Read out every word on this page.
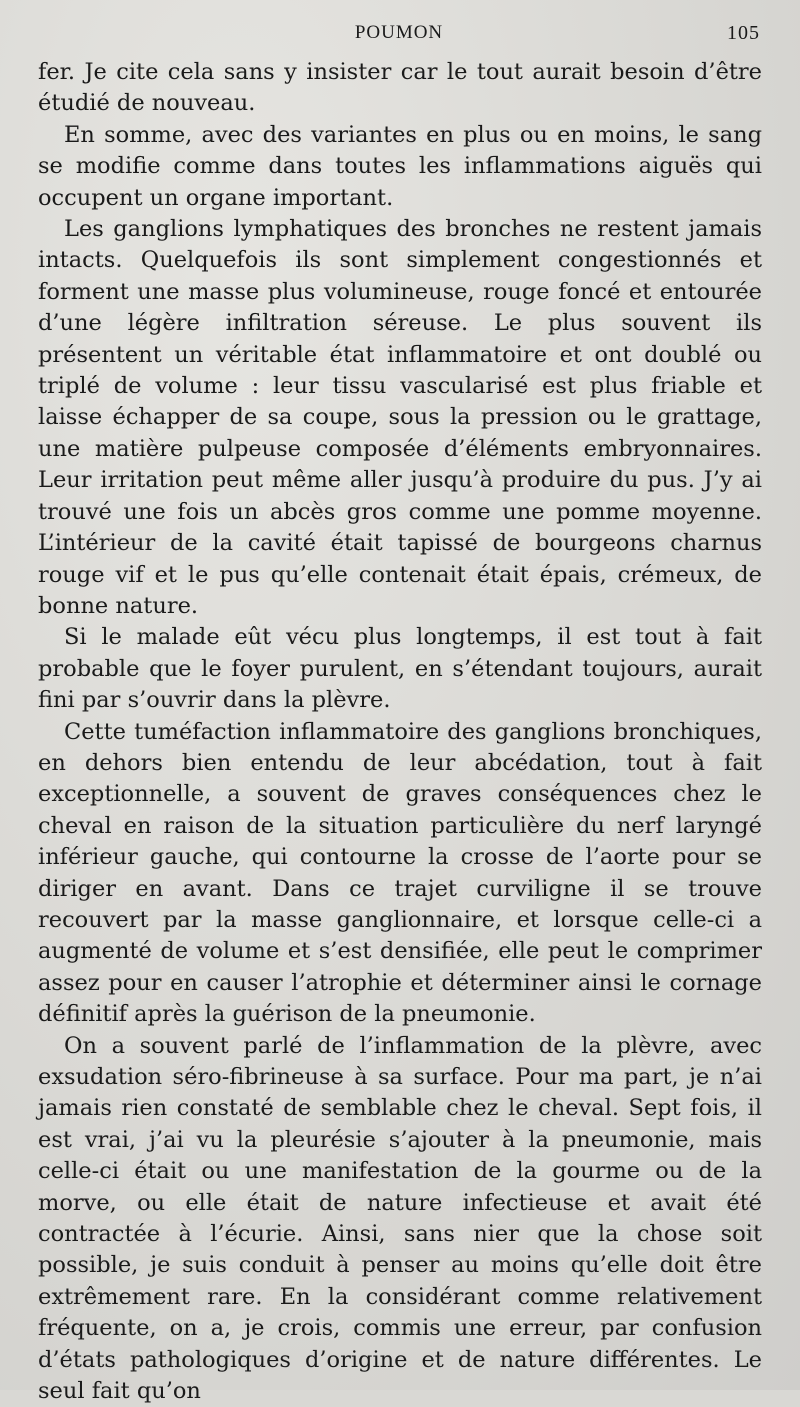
POUMON	105

fer. Je cite cela sans y insister car le tout aurait besoin d’être étudié de nouveau.

En somme, avec des variantes en plus ou en moins, le sang se modifie comme dans toutes les inflammations aiguës qui occupent un organe important.

Les ganglions lymphatiques des bronches ne restent jamais intacts. Quelquefois ils sont simplement congestionnés et forment une masse plus volumineuse, rouge foncé et entourée d’une légère infiltration séreuse. Le plus souvent ils présentent un véritable état inflammatoire et ont doublé ou triplé de volume : leur tissu vascularisé est plus friable et laisse échapper de sa coupe, sous la pression ou le grattage, une matière pulpeuse composée d’éléments embryonnaires. Leur irritation peut même aller jusqu’à produire du pus. J’y ai trouvé une fois un abcès gros comme une pomme moyenne. L’intérieur de la cavité était tapissé de bourgeons charnus rouge vif et le pus qu’elle contenait était épais, crémeux, de bonne nature.

Si le malade eût vécu plus longtemps, il est tout à fait probable que le foyer purulent, en s’étendant toujours, aurait fini par s’ouvrir dans la plèvre.

Cette tuméfaction inflammatoire des ganglions bronchiques, en dehors bien entendu de leur abcédation, tout à fait exceptionnelle, a souvent de graves conséquences chez le cheval en raison de la situation particulière du nerf laryngé inférieur gauche, qui contourne la crosse de l’aorte pour se diriger en avant. Dans ce trajet curviligne il se trouve recouvert par la masse ganglionnaire, et lorsque celle-ci a augmenté de volume et s’est densifiée, elle peut le comprimer assez pour en causer l’atrophie et déterminer ainsi le cornage définitif après la guérison de la pneumonie.

On a souvent parlé de l’inflammation de la plèvre, avec exsudation séro-fibrineuse à sa surface. Pour ma part, je n’ai jamais rien constaté de semblable chez le cheval. Sept fois, il est vrai, j’ai vu la pleurésie s’ajouter à la pneumonie, mais celle-ci était ou une manifestation de la gourme ou de la morve, ou elle était de nature infectieuse et avait été contractée à l’écurie. Ainsi, sans nier que la chose soit possible, je suis conduit à penser au moins qu’elle doit être extrêmement rare. En la considérant comme relativement fréquente, on a, je crois, commis une erreur, par confusion d’états pathologiques d’origine et de nature différentes. Le seul fait qu’on
